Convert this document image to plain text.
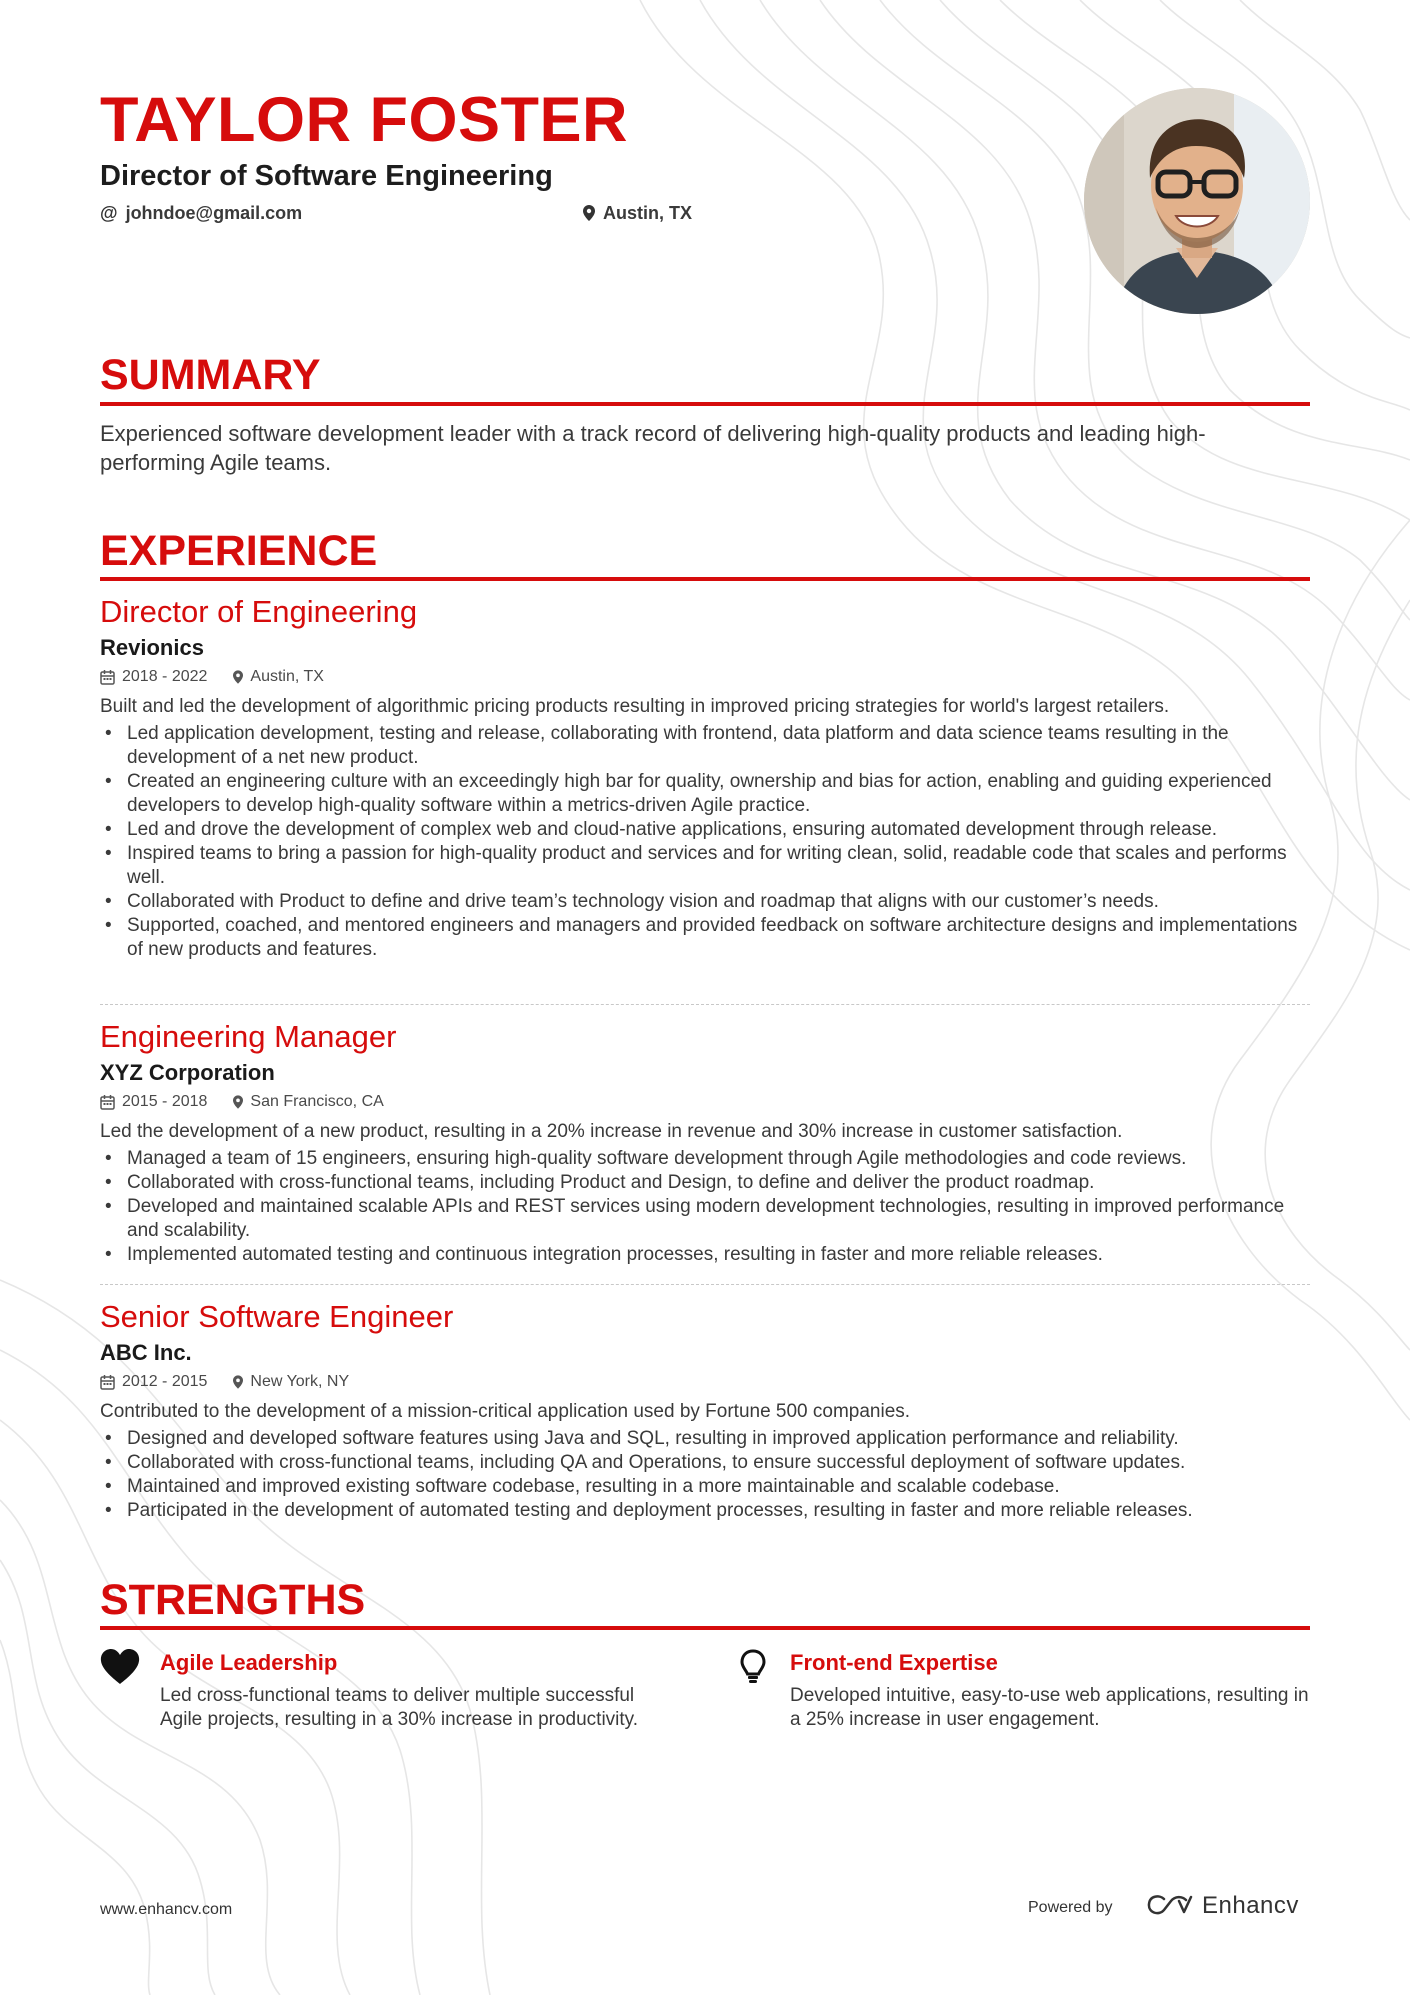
TAYLOR FOSTER
Director of Software Engineering
@ johndoe@gmail.com	Austin, TX
SUMMARY

Experienced software development leader with a track record of delivering high-quality products and leading high-performing Agile teams.

EXPERIENCE
Director of Engineering

Revionics

2018 - 2022	Austin, TX

Built and led the development of algorithmic pricing products resulting in improved pricing strategies for world's largest retailers.

• Led application development, testing and release, collaborating with frontend, data platform and data science teams resulting in the development of a net new product.
• Created an engineering culture with an exceedingly high bar for quality, ownership and bias for action, enabling and guiding experienced developers to develop high-quality software within a metrics-driven Agile practice.
• Led and drove the development of complex web and cloud-native applications, ensuring automated development through release.
• Inspired teams to bring a passion for high-quality product and services and for writing clean, solid, readable code that scales and performs well.
• Collaborated with Product to define and drive team’s technology vision and roadmap that aligns with our customer’s needs.
• Supported, coached, and mentored engineers and managers and provided feedback on software architecture designs and implementations of new products and features.
Engineering Manager

XYZ Corporation

2015 - 2018	San Francisco, CA

Led the development of a new product, resulting in a 20% increase in revenue and 30% increase in customer satisfaction.

• Managed a team of 15 engineers, ensuring high-quality software development through Agile methodologies and code reviews.
• Collaborated with cross-functional teams, including Product and Design, to define and deliver the product roadmap.
• Developed and maintained scalable APIs and REST services using modern development technologies, resulting in improved performance and scalability.
• Implemented automated testing and continuous integration processes, resulting in faster and more reliable releases.
Senior Software Engineer

ABC Inc.

2012 - 2015	New York, NY

Contributed to the development of a mission-critical application used by Fortune 500 companies.

• Designed and developed software features using Java and SQL, resulting in improved application performance and reliability.
• Collaborated with cross-functional teams, including QA and Operations, to ensure successful deployment of software updates.
• Maintained and improved existing software codebase, resulting in a more maintainable and scalable codebase.
• Participated in the development of automated testing and deployment processes, resulting in faster and more reliable releases.
STRENGTHS
Agile Leadership

Led cross-functional teams to deliver multiple successful Agile projects, resulting in a 30% increase in productivity.

Front-end Expertise

Developed intuitive, easy-to-use web applications, resulting in a 25% increase in user engagement.

www.enhancv.com	Powered by	Enhancv
